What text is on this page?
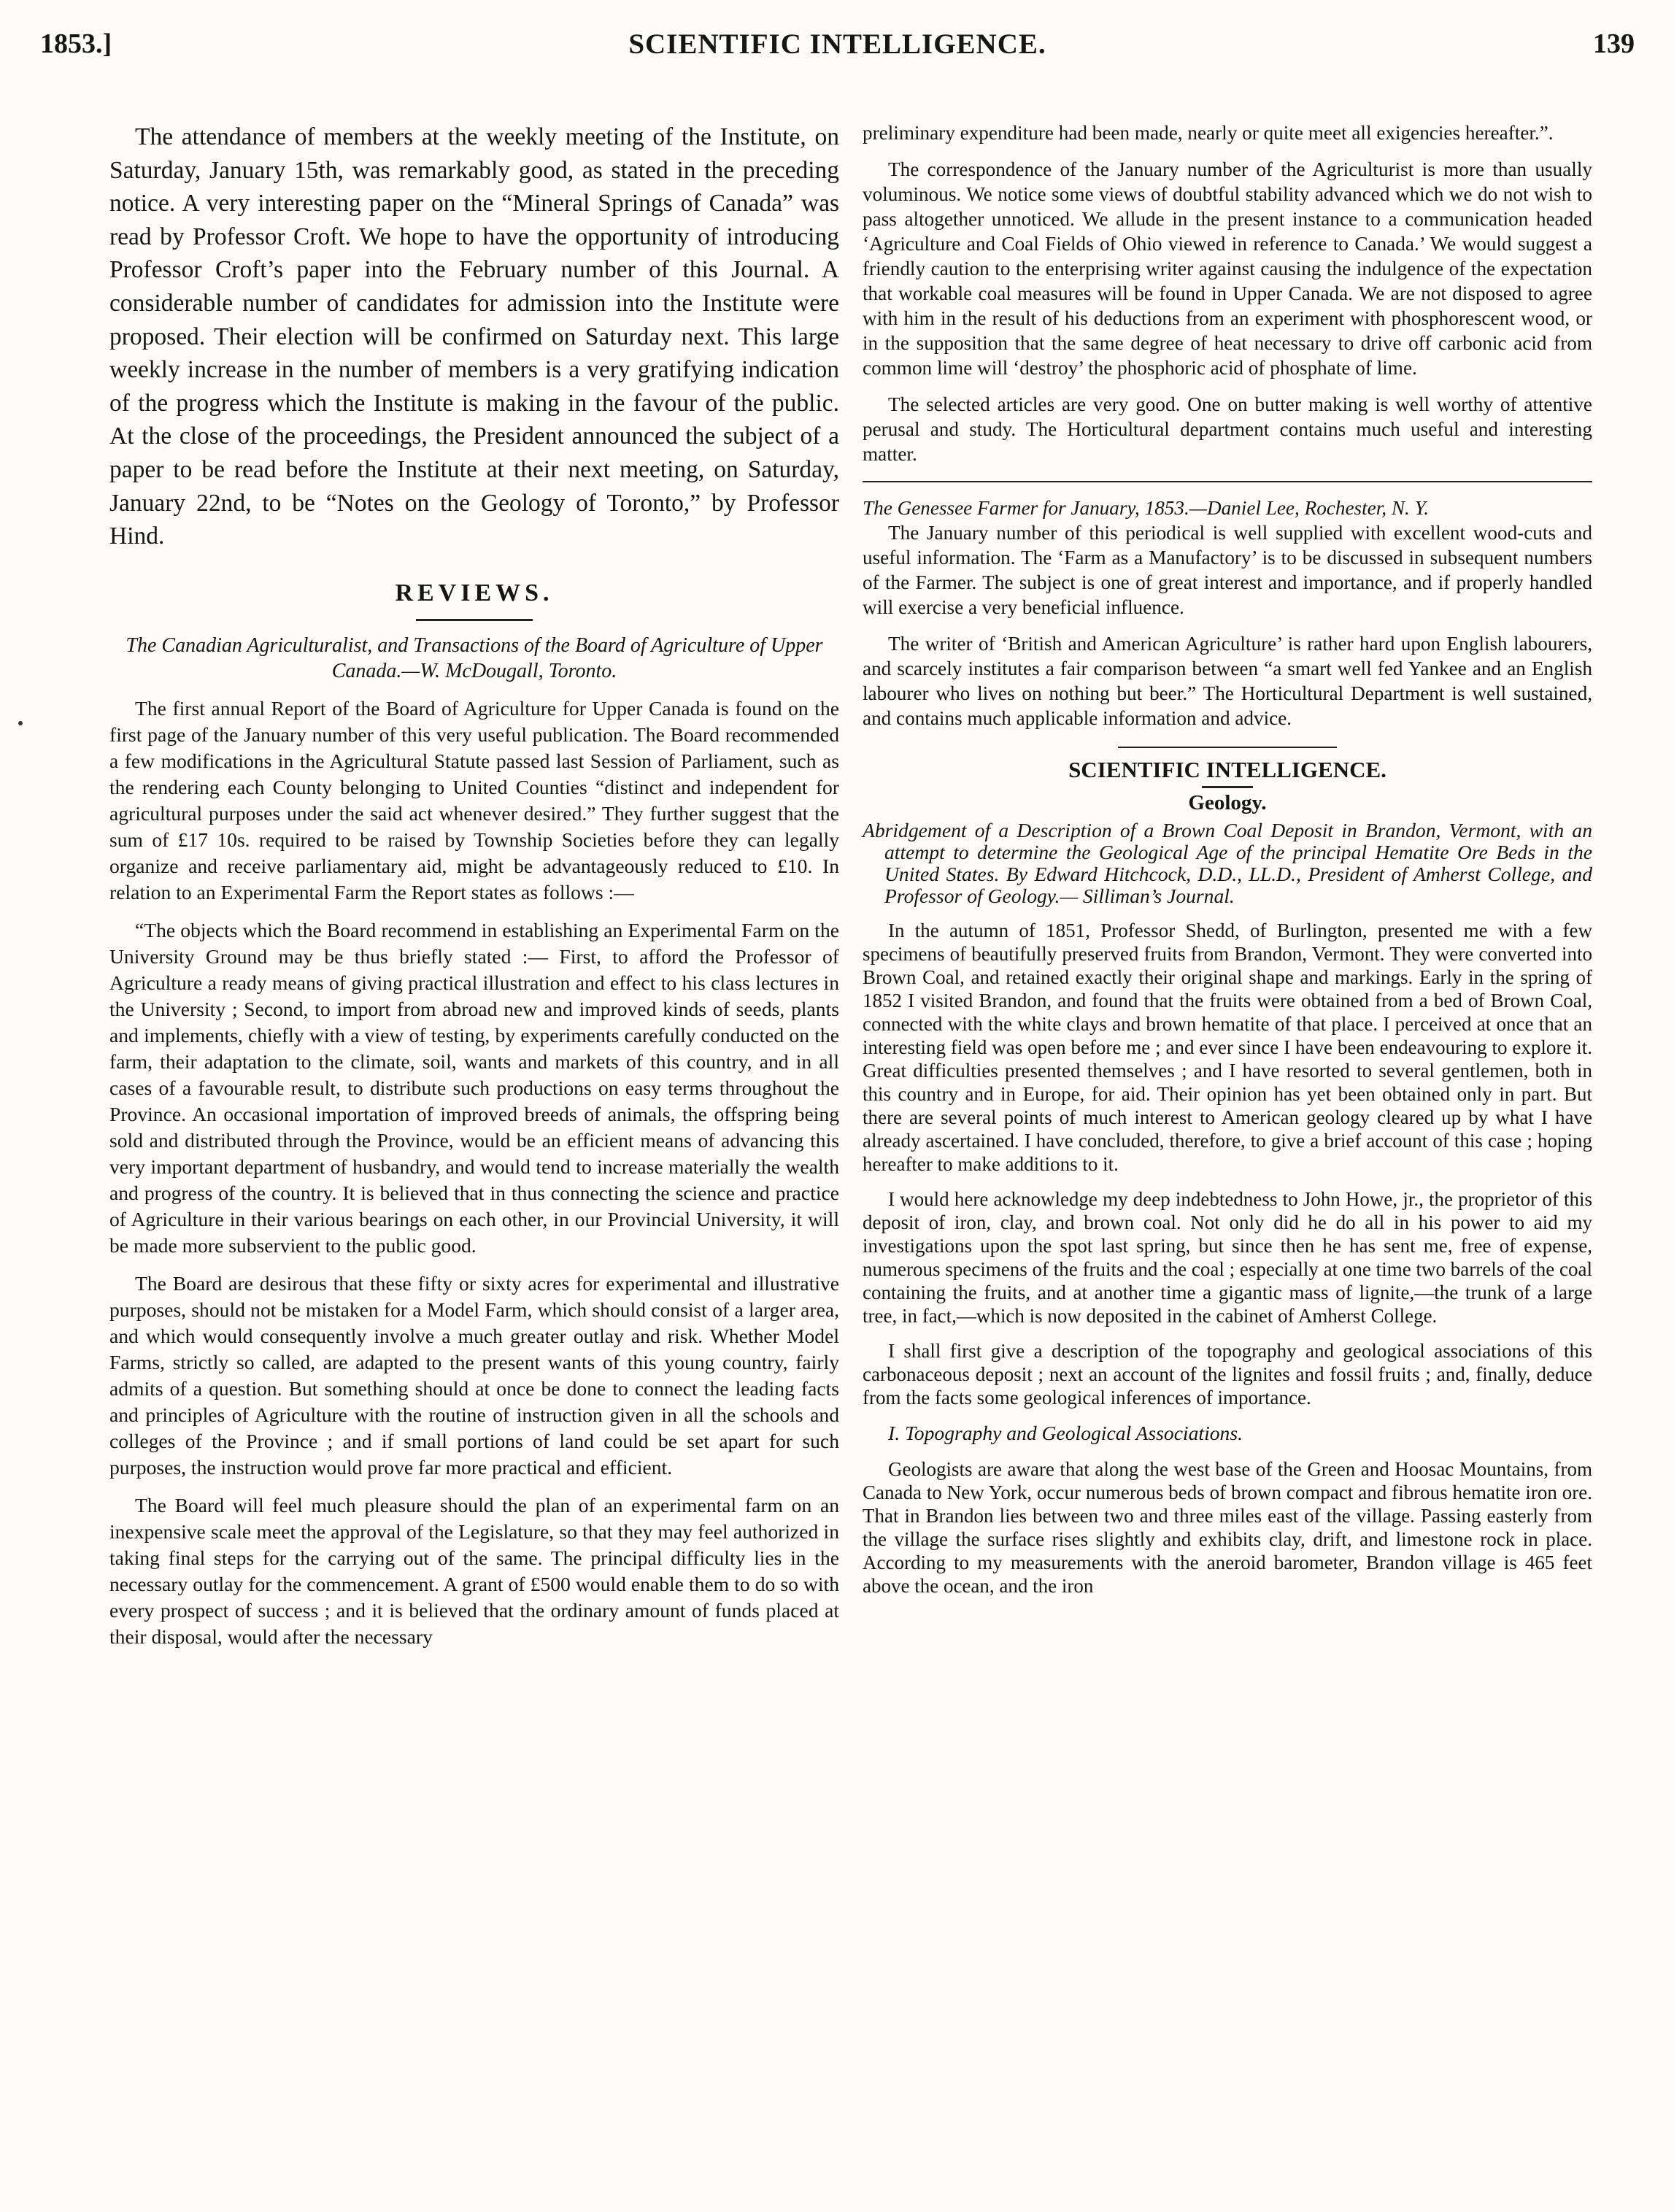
1853.]	SCIENTIFIC INTELLIGENCE.	139

The attendance of members at the weekly meeting of the Institute, on Saturday, January 15th, was remarkably good, as stated in the preceding notice. A very interesting paper on the “Mineral Springs of Canada” was read by Professor Croft. We hope to have the opportunity of introducing Professor Croft’s paper into the February number of this Journal. A considerable number of candidates for admission into the Institute were proposed. Their election will be confirmed on Saturday next. This large weekly increase in the number of members is a very gratifying indication of the progress which the Institute is making in the favour of the public. At the close of the proceedings, the President announced the subject of a paper to be read before the Institute at their next meeting, on Saturday, January 22nd, to be “Notes on the Geology of Toronto,” by Professor Hind.

REVIEWS.
The Canadian Agriculturalist, and Transactions of the Board of Agriculture of Upper Canada.—W. McDougall, Toronto.

The first annual Report of the Board of Agriculture for Upper Canada is found on the first page of the January number of this very useful publication. The Board recommended a few modifications in the Agricultural Statute passed last Session of Parliament, such as the rendering each County belonging to United Counties “distinct and independent for agricultural purposes under the said act whenever desired.” They further suggest that the sum of £17 10s. required to be raised by Township Societies before they can legally organize and receive parliamentary aid, might be advantageously reduced to £10. In relation to an Experimental Farm the Report states as follows :—

“The objects which the Board recommend in establishing an Experimental Farm on the University Ground may be thus briefly stated :— First, to afford the Professor of Agriculture a ready means of giving practical illustration and effect to his class lectures in the University ; Second, to import from abroad new and improved kinds of seeds, plants and implements, chiefly with a view of testing, by experiments carefully conducted on the farm, their adaptation to the climate, soil, wants and markets of this country, and in all cases of a favourable result, to distribute such productions on easy terms throughout the Province. An occasional importation of improved breeds of animals, the offspring being sold and distributed through the Province, would be an efficient means of advancing this very important department of husbandry, and would tend to increase materially the wealth and progress of the country. It is believed that in thus connecting the science and practice of Agriculture in their various bearings on each other, in our Provincial University, it will be made more subservient to the public good.

The Board are desirous that these fifty or sixty acres for experimental and illustrative purposes, should not be mistaken for a Model Farm, which should consist of a larger area, and which would consequently involve a much greater outlay and risk. Whether Model Farms, strictly so called, are adapted to the present wants of this young country, fairly admits of a question. But something should at once be done to connect the leading facts and principles of Agriculture with the routine of instruction given in all the schools and colleges of the Province ; and if small portions of land could be set apart for such purposes, the instruction would prove far more practical and efficient.

The Board will feel much pleasure should the plan of an experimental farm on an inexpensive scale meet the approval of the Legislature, so that they may feel authorized in taking final steps for the carrying out of the same. The principal difficulty lies in the necessary outlay for the commencement. A grant of £500 would enable them to do so with every prospect of success ; and it is believed that the ordinary amount of funds placed at their disposal, would after the necessary

preliminary expenditure had been made, nearly or quite meet all exigencies hereafter.”.

The correspondence of the January number of the Agriculturist is more than usually voluminous. We notice some views of doubtful stability advanced which we do not wish to pass altogether unnoticed. We allude in the present instance to a communication headed ‘Agriculture and Coal Fields of Ohio viewed in reference to Canada.’ We would suggest a friendly caution to the enterprising writer against causing the indulgence of the expectation that workable coal measures will be found in Upper Canada. We are not disposed to agree with him in the result of his deductions from an experiment with phosphorescent wood, or in the supposition that the same degree of heat necessary to drive off carbonic acid from common lime will ‘destroy’ the phosphoric acid of phosphate of lime.

The selected articles are very good. One on butter making is well worthy of attentive perusal and study. The Horticultural department contains much useful and interesting matter.

The Genessee Farmer for January, 1853.—Daniel Lee, Rochester, N. Y.

The January number of this periodical is well supplied with excellent wood-cuts and useful information. The ‘Farm as a Manufactory’ is to be discussed in subsequent numbers of the Farmer. The subject is one of great interest and importance, and if properly handled will exercise a very beneficial influence.

The writer of ‘British and American Agriculture’ is rather hard upon English labourers, and scarcely institutes a fair comparison between “a smart well fed Yankee and an English labourer who lives on nothing but beer.” The Horticultural Department is well sustained, and contains much applicable information and advice.

SCIENTIFIC INTELLIGENCE.
Geology.

Abridgement of a Description of a Brown Coal Deposit in Brandon, Vermont, with an attempt to determine the Geological Age of the principal Hematite Ore Beds in the United States. By Edward Hitchcock, D.D., LL.D., President of Amherst College, and Professor of Geology.— Silliman’s Journal.

In the autumn of 1851, Professor Shedd, of Burlington, presented me with a few specimens of beautifully preserved fruits from Brandon, Vermont. They were converted into Brown Coal, and retained exactly their original shape and markings. Early in the spring of 1852 I visited Brandon, and found that the fruits were obtained from a bed of Brown Coal, connected with the white clays and brown hematite of that place. I perceived at once that an interesting field was open before me ; and ever since I have been endeavouring to explore it. Great difficulties presented themselves ; and I have resorted to several gentlemen, both in this country and in Europe, for aid. Their opinion has yet been obtained only in part. But there are several points of much interest to American geology cleared up by what I have already ascertained. I have concluded, therefore, to give a brief account of this case ; hoping hereafter to make additions to it.

I would here acknowledge my deep indebtedness to John Howe, jr., the proprietor of this deposit of iron, clay, and brown coal. Not only did he do all in his power to aid my investigations upon the spot last spring, but since then he has sent me, free of expense, numerous specimens of the fruits and the coal ; especially at one time two barrels of the coal containing the fruits, and at another time a gigantic mass of lignite,—the trunk of a large tree, in fact,—which is now deposited in the cabinet of Amherst College.

I shall first give a description of the topography and geological associations of this carbonaceous deposit ; next an account of the lignites and fossil fruits ; and, finally, deduce from the facts some geological inferences of importance.

I. Topography and Geological Associations.

Geologists are aware that along the west base of the Green and Hoosac Mountains, from Canada to New York, occur numerous beds of brown compact and fibrous hematite iron ore. That in Brandon lies between two and three miles east of the village. Passing easterly from the village the surface rises slightly and exhibits clay, drift, and limestone rock in place. According to my measurements with the aneroid barometer, Brandon village is 465 feet above the ocean, and the iron
